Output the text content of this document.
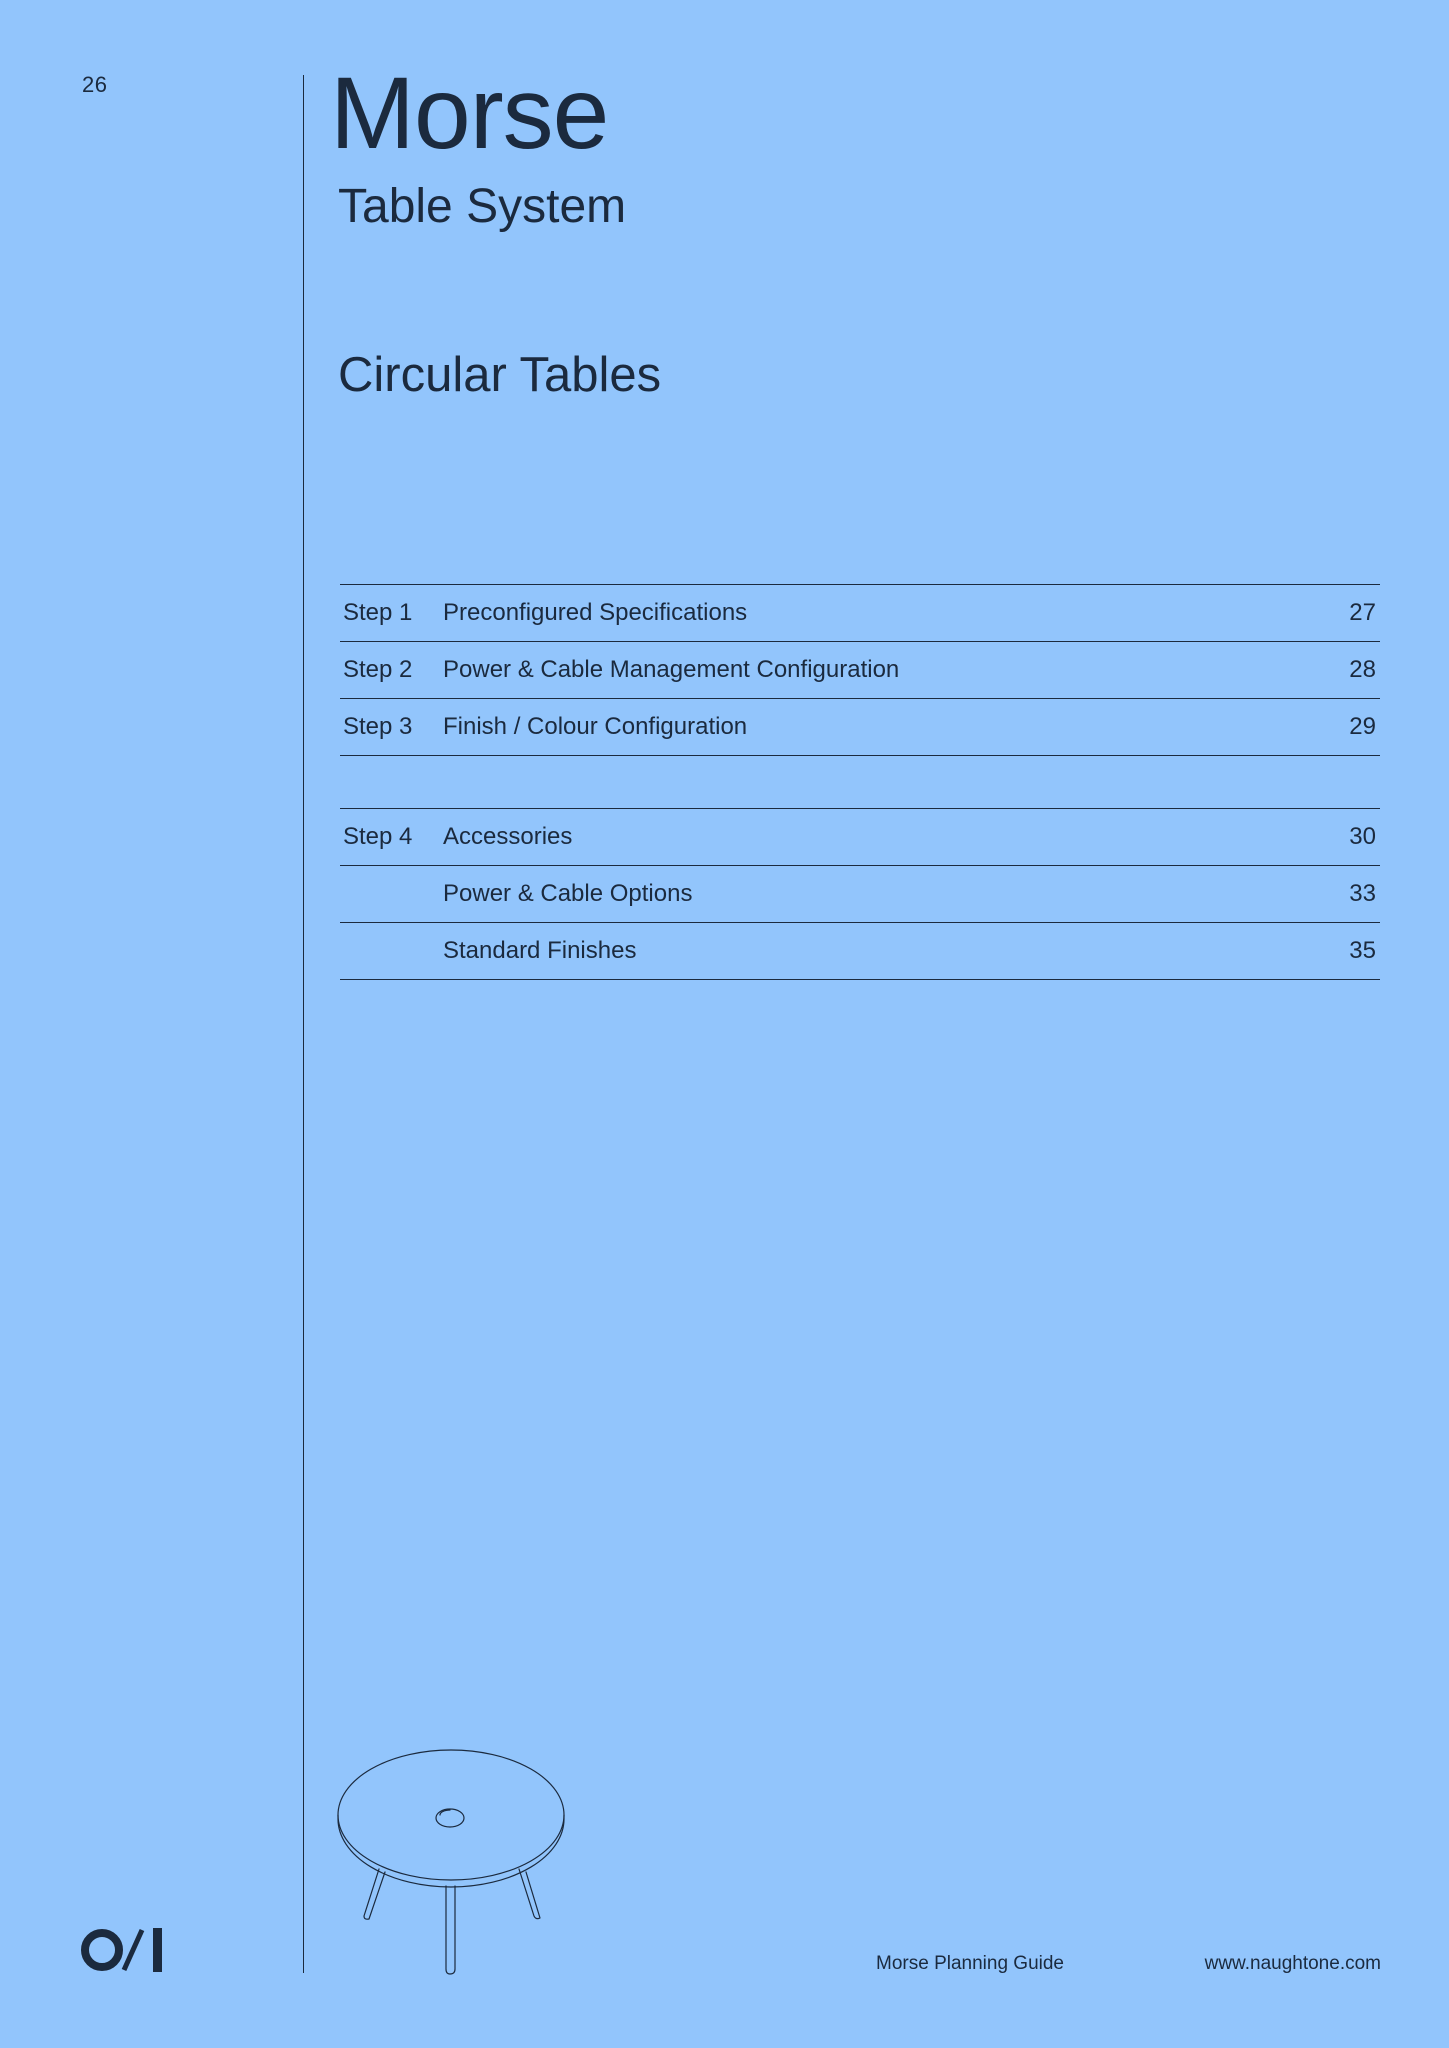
26 Morse
Table System
Circular Tables
Step 1 Preconfigured Specifications	27
Step 2 Power & Cable Management Configuration	28
Step 3 Finish / Colour Configuration	29
Step 4 Accessories	30
Power & Cable Options	33
Standard Finishes	35
Morse Planning Guide	www.naughtone.com
